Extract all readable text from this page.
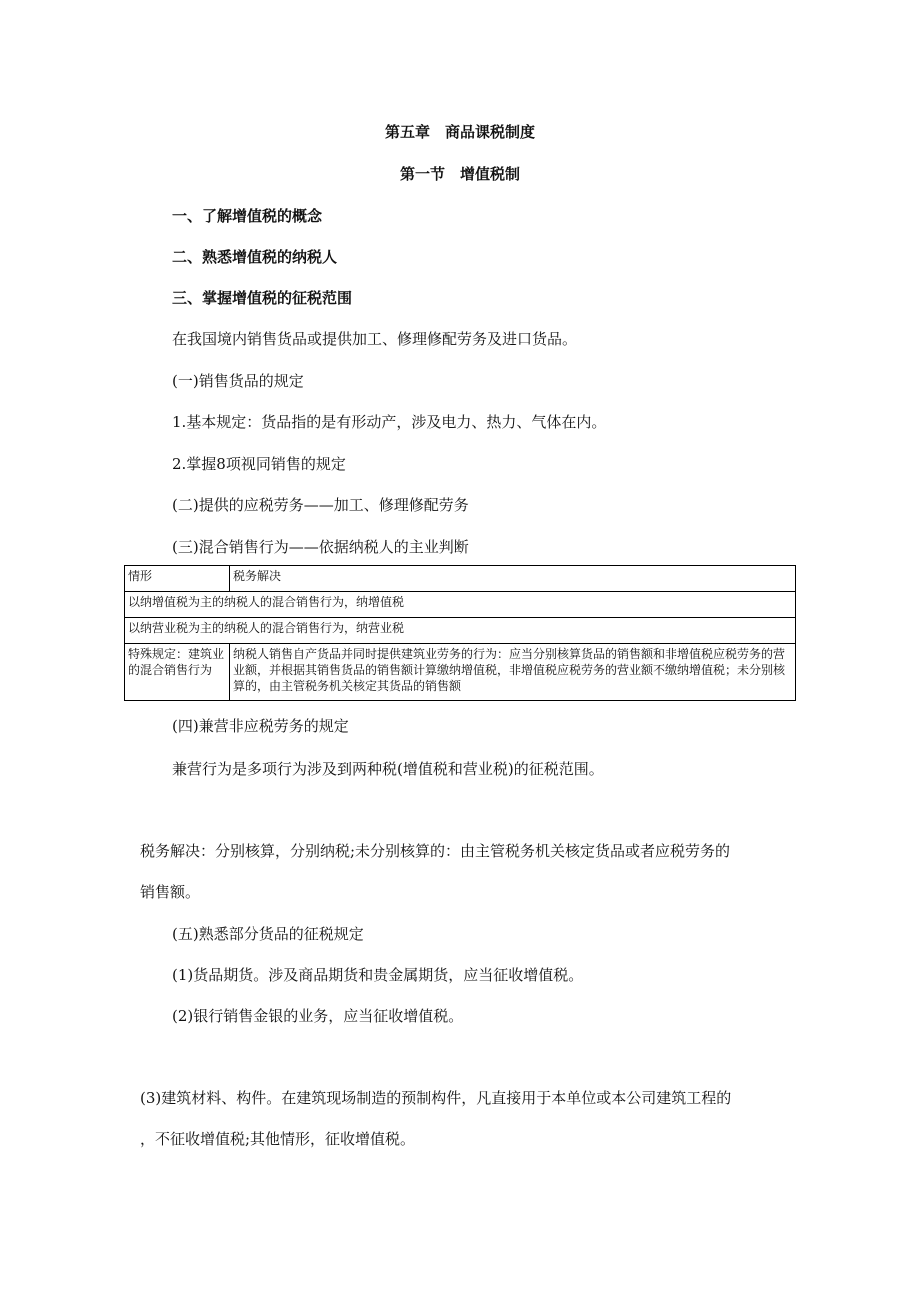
第五章　商品课税制度
第一节　增值税制
一、了解增值税的概念
二、熟悉增值税的纳税人
三、掌握增值税的征税范围
在我国境内销售货品或提供加工、修理修配劳务及进口货品。
(一)销售货品的规定
1.基本规定：货品指的是有形动产，涉及电力、热力、气体在内。
2.掌握8项视同销售的规定
(二)提供的应税劳务——加工、修理修配劳务
(三)混合销售行为——依据纳税人的主业判断
情形	税务解决
以纳增值税为主的纳税人的混合销售行为，纳增值税	
以纳营业税为主的纳税人的混合销售行为，纳营业税	
特殊规定：建筑业的混合销售行为	纳税人销售自产货品并同时提供建筑业劳务的行为：应当分别核算货品的销售额和非增值税应税劳务的营业额，并根据其销售货品的销售额计算缴纳增值税，非增值税应税劳务的营业额不缴纳增值税；未分别核算的，由主管税务机关核定其货品的销售额
(四)兼营非应税劳务的规定
兼营行为是多项行为涉及到两种税(增值税和营业税)的征税范围。
税务解决：分别核算，分别纳税;未分别核算的：由主管税务机关核定货品或者应税劳务的
销售额。
(五)熟悉部分货品的征税规定
(1)货品期货。涉及商品期货和贵金属期货，应当征收增值税。
(2)银行销售金银的业务，应当征收增值税。
(3)建筑材料、构件。在建筑现场制造的预制构件，凡直接用于本单位或本公司建筑工程的
，不征收增值税;其他情形，征收增值税。
